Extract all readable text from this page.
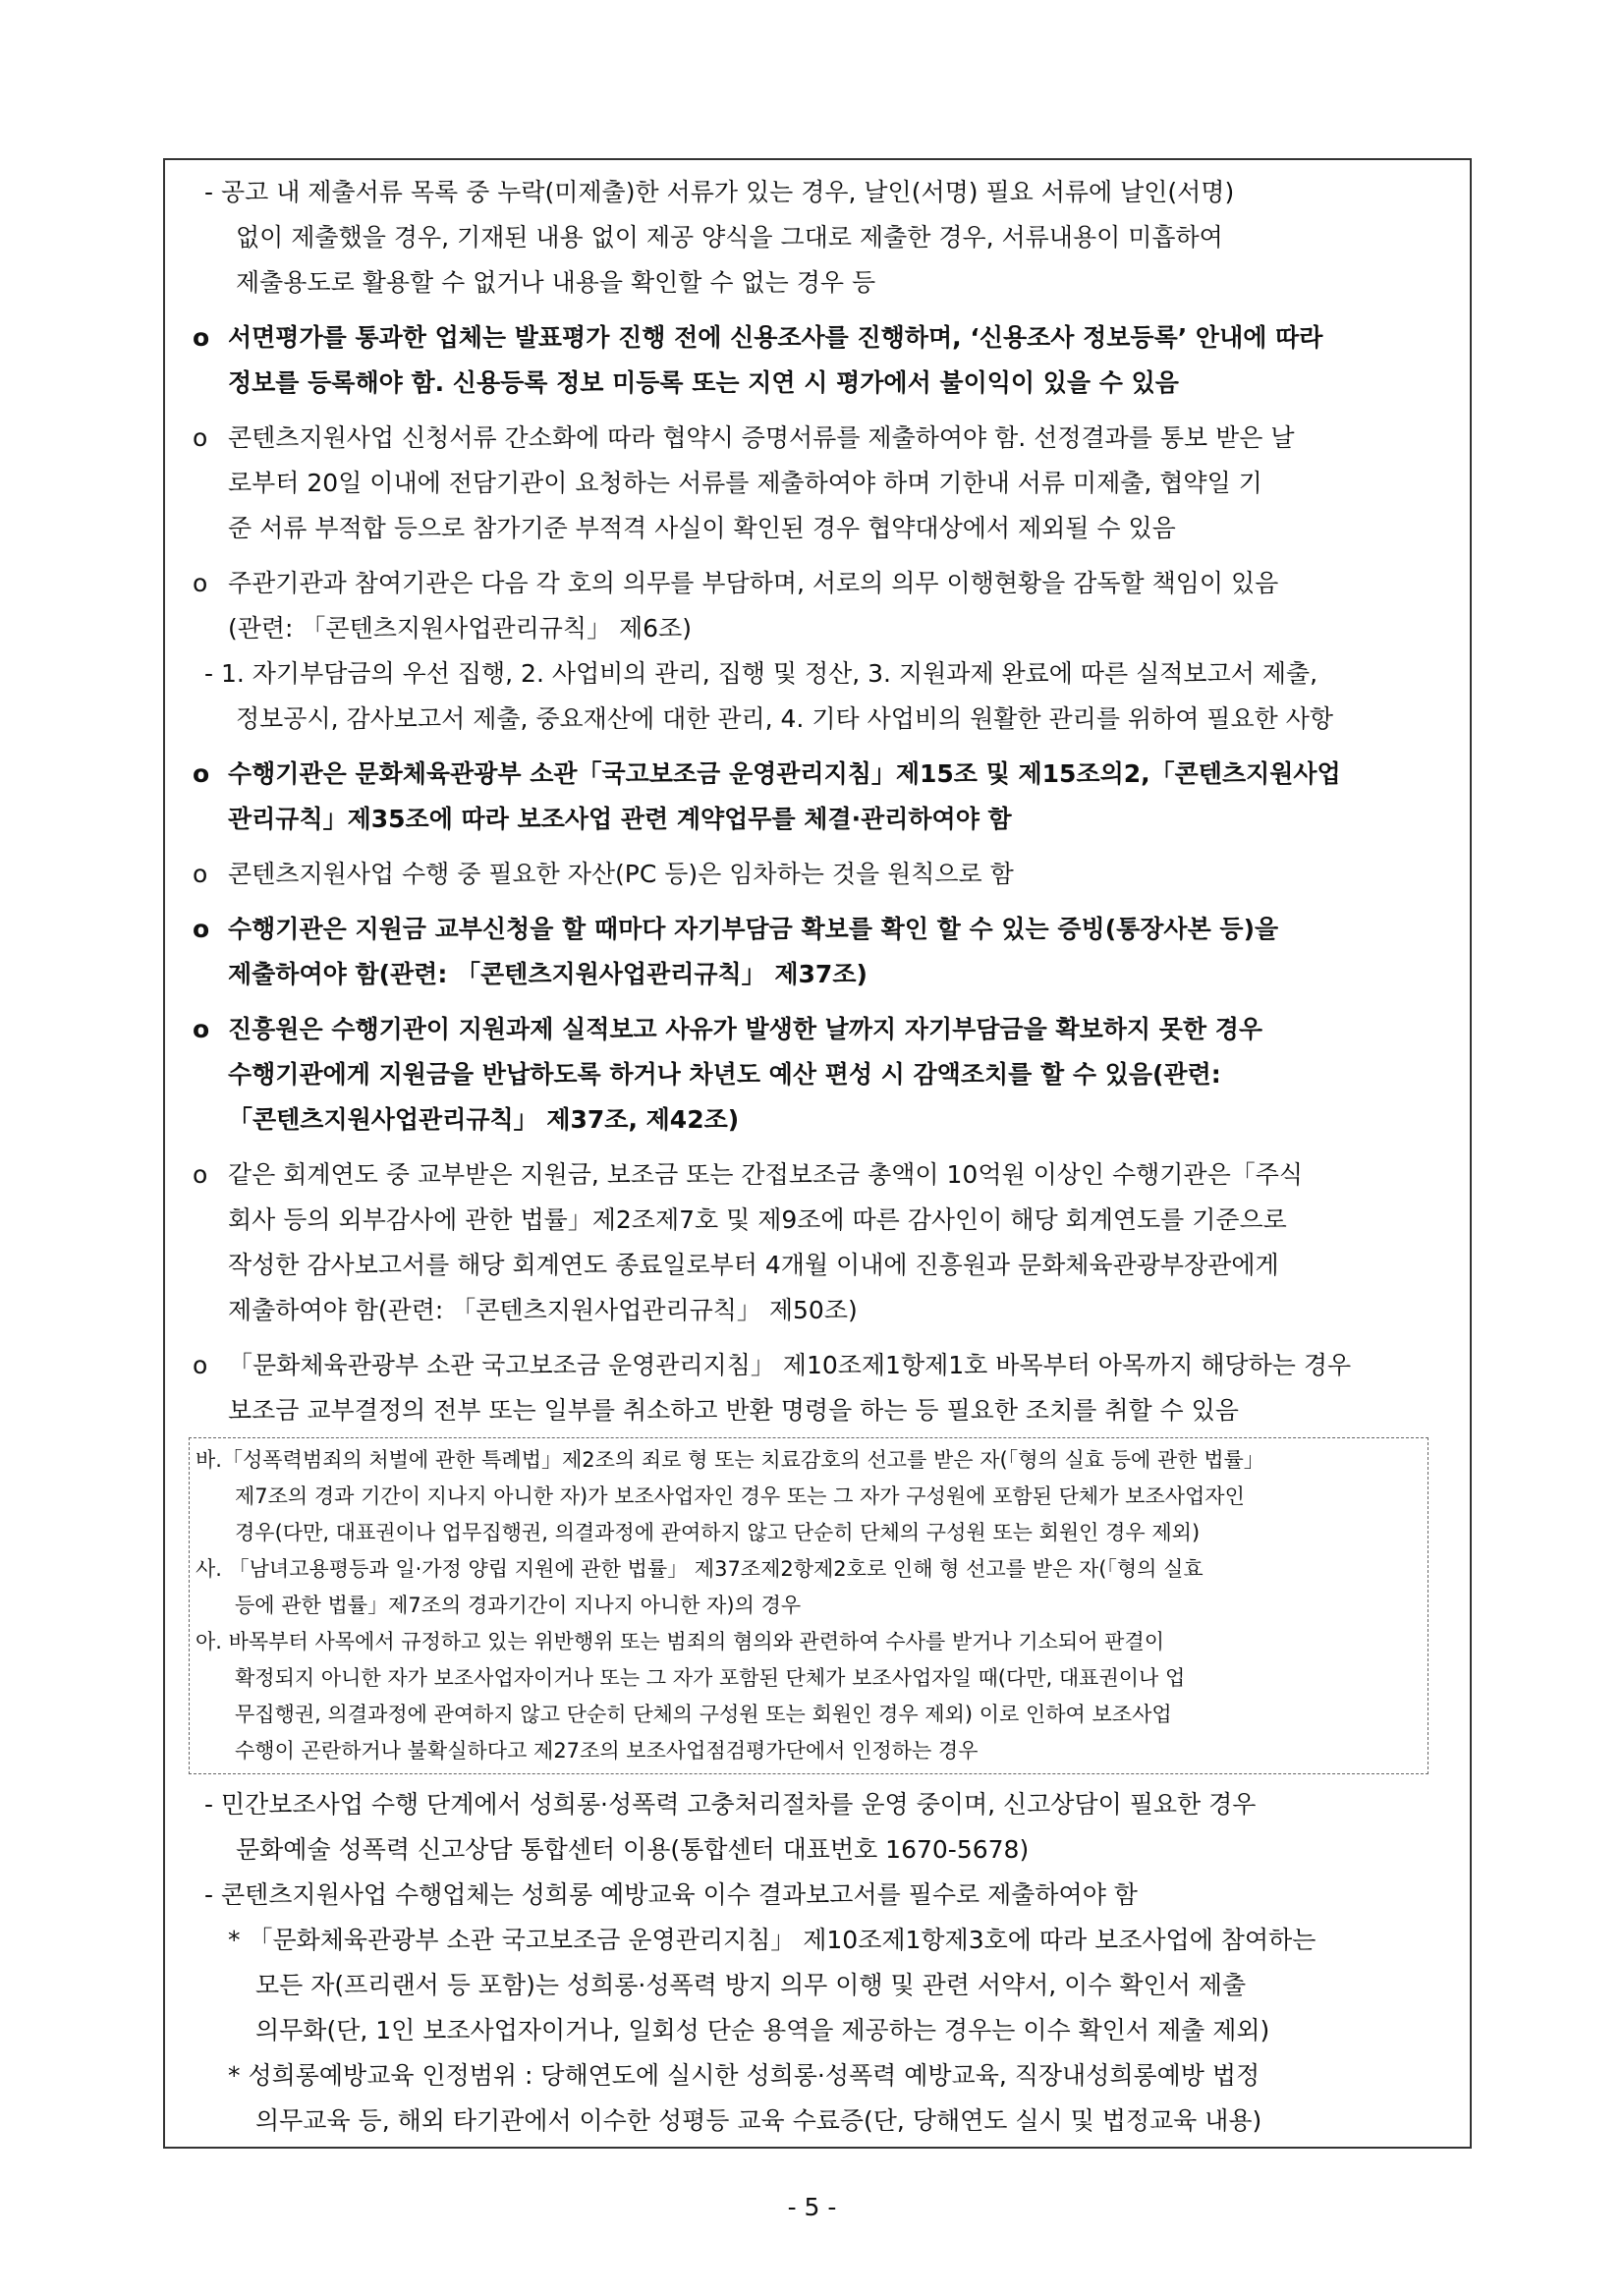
- 공고 내 제출서류 목록 중 누락(미제출)한 서류가 있는 경우, 날인(서명) 필요 서류에 날인(서명)
없이 제출했을 경우, 기재된 내용 없이 제공 양식을 그대로 제출한 경우, 서류내용이 미흡하여
제출용도로 활용할 수 없거나 내용을 확인할 수 없는 경우 등
o 서면평가를 통과한 업체는 발표평가 진행 전에 신용조사를 진행하며, ‘신용조사 정보등록’ 안내에 따라
정보를 등록해야 함. 신용등록 정보 미등록 또는 지연 시 평가에서 불이익이 있을 수 있음
o 콘텐츠지원사업 신청서류 간소화에 따라 협약시 증명서류를 제출하여야 함. 선정결과를 통보 받은 날
로부터 20일 이내에 전담기관이 요청하는 서류를 제출하여야 하며 기한내 서류 미제출, 협약일 기
준 서류 부적합 등으로 참가기준 부적격 사실이 확인된 경우 협약대상에서 제외될 수 있음
o 주관기관과 참여기관은 다음 각 호의 의무를 부담하며, 서로의 의무 이행현황을 감독할 책임이 있음
(관련: 「콘텐츠지원사업관리규칙」 제6조)
- 1. 자기부담금의 우선 집행, 2. 사업비의 관리, 집행 및 정산, 3. 지원과제 완료에 따른 실적보고서 제출,
정보공시, 감사보고서 제출, 중요재산에 대한 관리, 4. 기타 사업비의 원활한 관리를 위하여 필요한 사항
o 수행기관은 문화체육관광부 소관「국고보조금 운영관리지침」제15조 및 제15조의2,「콘텐츠지원사업
관리규칙」제35조에 따라 보조사업 관련 계약업무를 체결·관리하여야 함
o 콘텐츠지원사업 수행 중 필요한 자산(PC 등)은 임차하는 것을 원칙으로 함
o 수행기관은 지원금 교부신청을 할 때마다 자기부담금 확보를 확인 할 수 있는 증빙(통장사본 등)을
제출하여야 함(관련: 「콘텐츠지원사업관리규칙」 제37조)
o 진흥원은 수행기관이 지원과제 실적보고 사유가 발생한 날까지 자기부담금을 확보하지 못한 경우
수행기관에게 지원금을 반납하도록 하거나 차년도 예산 편성 시 감액조치를 할 수 있음(관련:
「콘텐츠지원사업관리규칙」 제37조, 제42조)
o 같은 회계연도 중 교부받은 지원금, 보조금 또는 간접보조금 총액이 10억원 이상인 수행기관은「주식
회사 등의 외부감사에 관한 법률」제2조제7호 및 제9조에 따른 감사인이 해당 회계연도를 기준으로
작성한 감사보고서를 해당 회계연도 종료일로부터 4개월 이내에 진흥원과 문화체육관광부장관에게
제출하여야 함(관련: 「콘텐츠지원사업관리규칙」 제50조)
o 「문화체육관광부 소관 국고보조금 운영관리지침」 제10조제1항제1호 바목부터 아목까지 해당하는 경우
보조금 교부결정의 전부 또는 일부를 취소하고 반환 명령을 하는 등 필요한 조치를 취할 수 있음
바.「성폭력범죄의 처벌에 관한 특례법」제2조의 죄로 형 또는 치료감호의 선고를 받은 자(「형의 실효 등에 관한 법률」
제7조의 경과 기간이 지나지 아니한 자)가 보조사업자인 경우 또는 그 자가 구성원에 포함된 단체가 보조사업자인
경우(다만, 대표권이나 업무집행권, 의결과정에 관여하지 않고 단순히 단체의 구성원 또는 회원인 경우 제외)
사. 「남녀고용평등과 일·가정 양립 지원에 관한 법률」 제37조제2항제2호로 인해 형 선고를 받은 자(「형의 실효
등에 관한 법률」제7조의 경과기간이 지나지 아니한 자)의 경우
아. 바목부터 사목에서 규정하고 있는 위반행위 또는 범죄의 혐의와 관련하여 수사를 받거나 기소되어 판결이
확정되지 아니한 자가 보조사업자이거나 또는 그 자가 포함된 단체가 보조사업자일 때(다만, 대표권이나 업
무집행권, 의결과정에 관여하지 않고 단순히 단체의 구성원 또는 회원인 경우 제외) 이로 인하여 보조사업
수행이 곤란하거나 불확실하다고 제27조의 보조사업점검평가단에서 인정하는 경우
- 민간보조사업 수행 단계에서 성희롱·성폭력 고충처리절차를 운영 중이며, 신고상담이 필요한 경우
문화예술 성폭력 신고상담 통합센터 이용(통합센터 대표번호 1670-5678)
- 콘텐츠지원사업 수행업체는 성희롱 예방교육 이수 결과보고서를 필수로 제출하여야 함
* 「문화체육관광부 소관 국고보조금 운영관리지침」 제10조제1항제3호에 따라 보조사업에 참여하는
모든 자(프리랜서 등 포함)는 성희롱·성폭력 방지 의무 이행 및 관련 서약서, 이수 확인서 제출
의무화(단, 1인 보조사업자이거나, 일회성 단순 용역을 제공하는 경우는 이수 확인서 제출 제외)
* 성희롱예방교육 인정범위 : 당해연도에 실시한 성희롱·성폭력 예방교육, 직장내성희롱예방 법정
의무교육 등, 해외 타기관에서 이수한 성평등 교육 수료증(단, 당해연도 실시 및 법정교육 내용)
- 5 -
